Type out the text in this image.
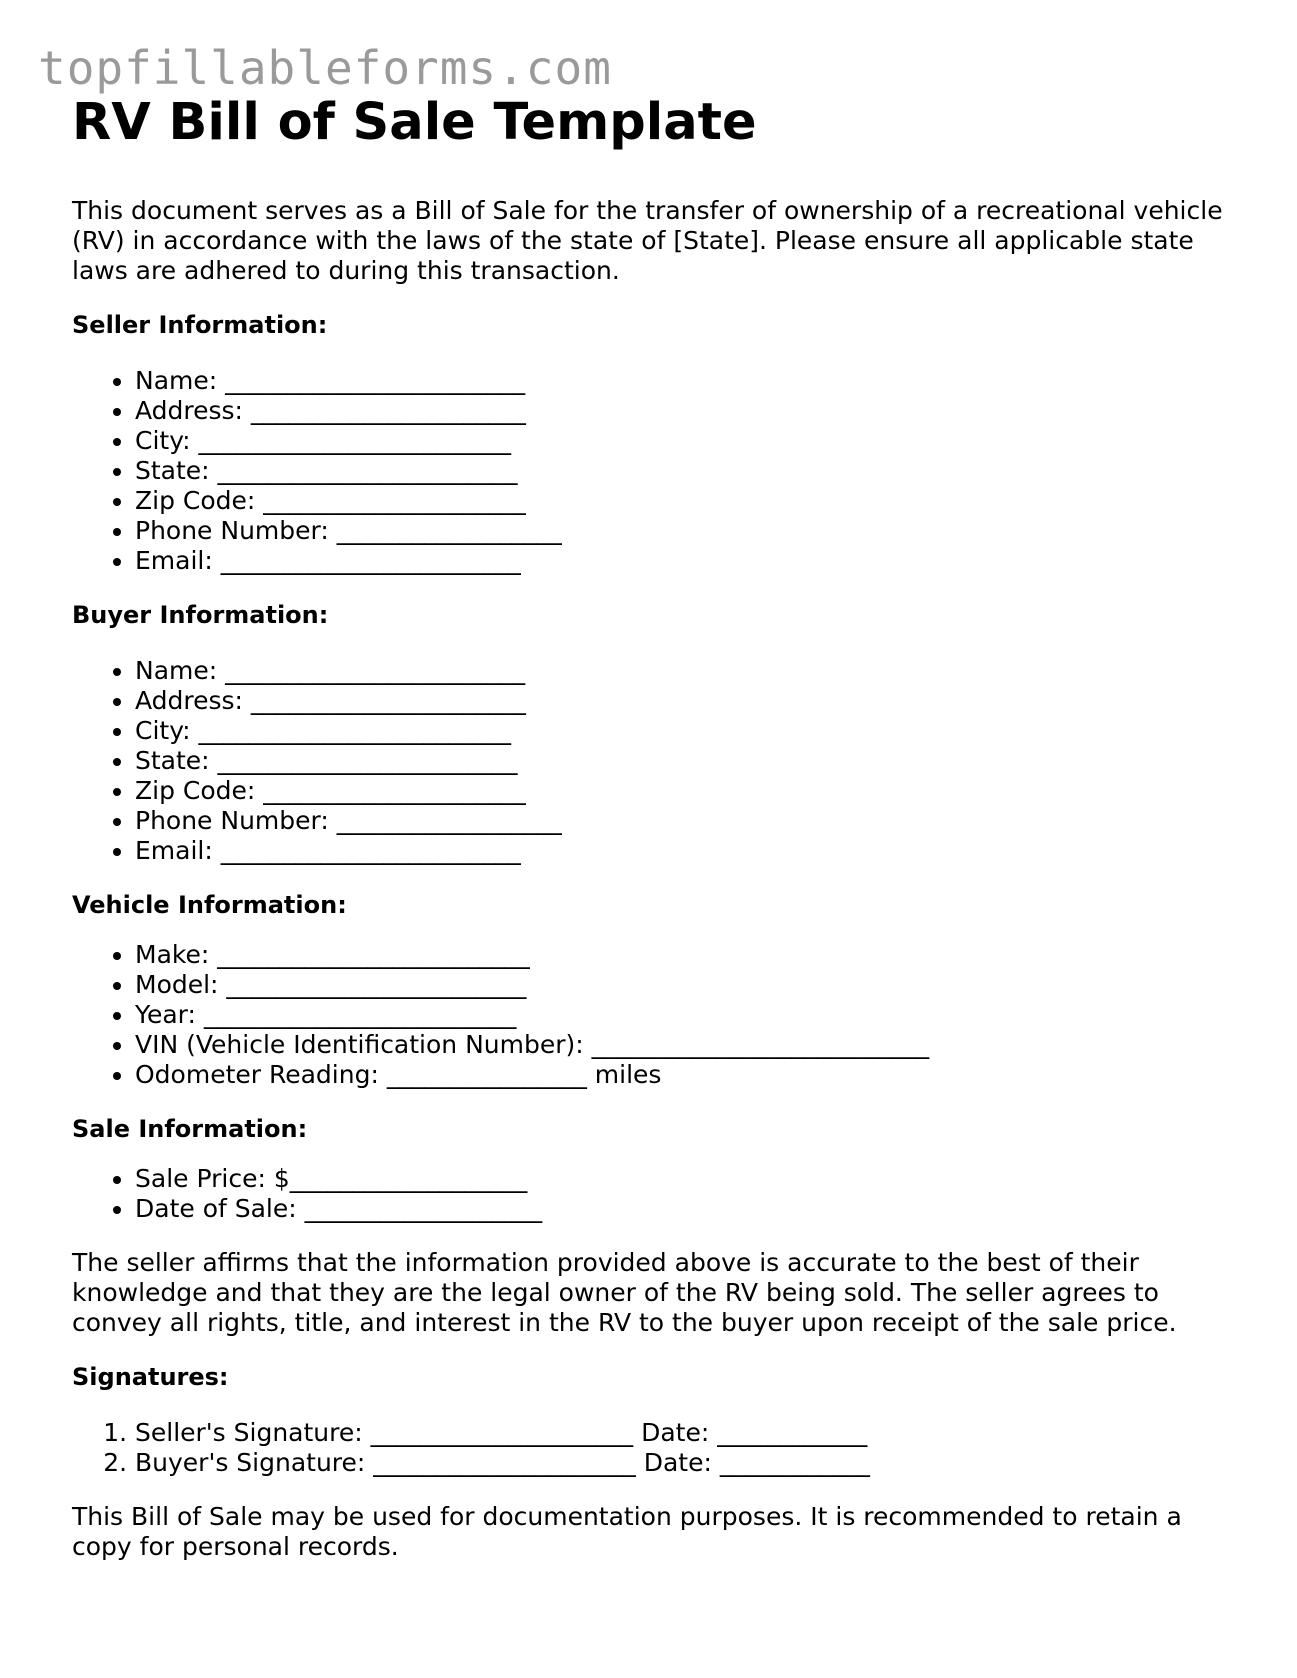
topfillableforms.com
RV Bill of Sale Template

This document serves as a Bill of Sale for the transfer of ownership of a recreational vehicle (RV) in accordance with the laws of the state of [State]. Please ensure all applicable state laws are adhered to during this transaction.

Seller Information:
• Name: ________________________
• Address: ______________________
• City: _________________________
• State: ________________________
• Zip Code: _____________________
• Phone Number: __________________
• Email: ________________________
Buyer Information:
• Name: ________________________
• Address: ______________________
• City: _________________________
• State: ________________________
• Zip Code: _____________________
• Phone Number: __________________
• Email: ________________________
Vehicle Information:
• Make: _________________________
• Model: ________________________
• Year: _________________________
• VIN (Vehicle Identification Number): ___________________________
• Odometer Reading: ________________ miles
Sale Information:
• Sale Price: $___________________
• Date of Sale: ___________________

The seller affirms that the information provided above is accurate to the best of their knowledge and that they are the legal owner of the RV being sold. The seller agrees to convey all rights, title, and interest in the RV to the buyer upon receipt of the sale price.

Signatures:
1. Seller's Signature: _____________________ Date: ____________
2. Buyer's Signature: _____________________ Date: ____________

This Bill of Sale may be used for documentation purposes. It is recommended to retain a copy for personal records.
